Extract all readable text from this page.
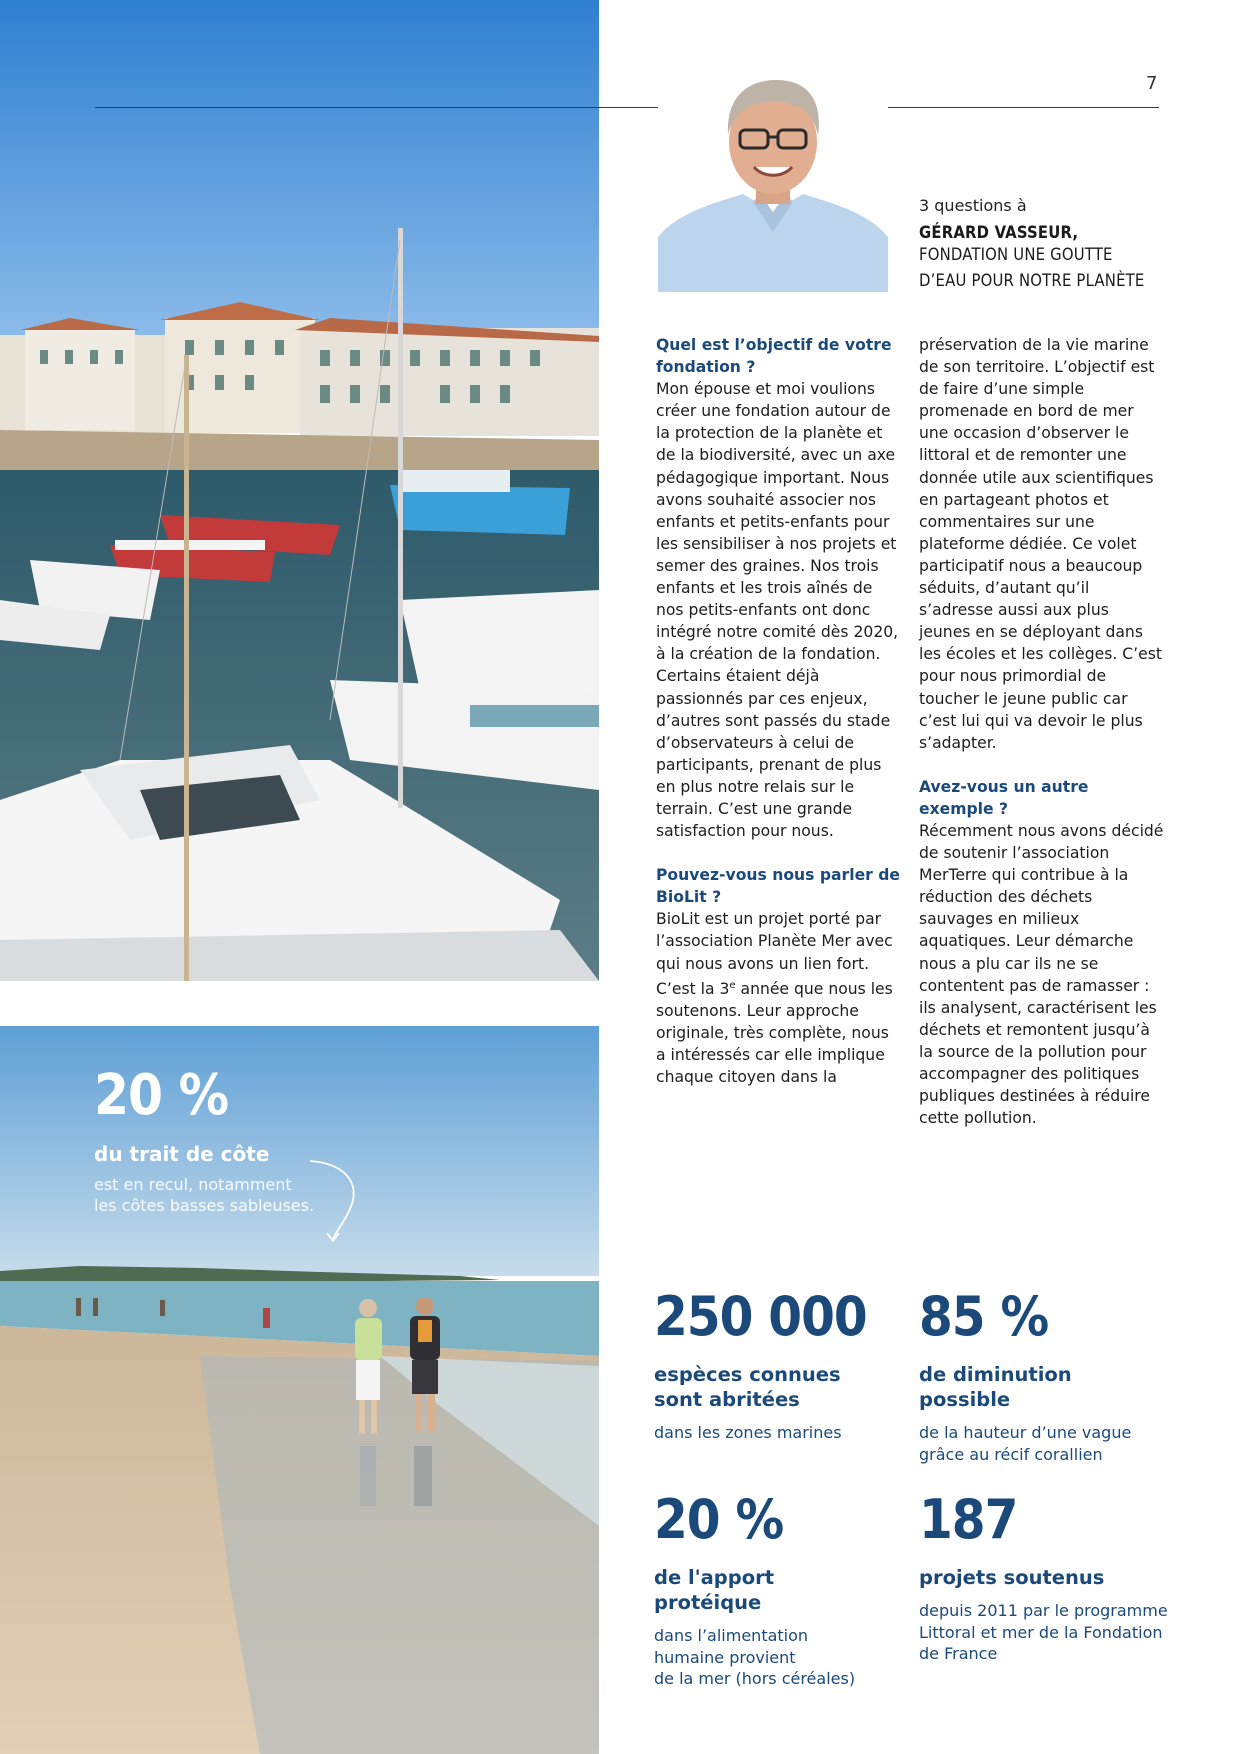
20 %
du trait de côte
est en recul, notamment
les côtes basses sableuses.
7
3 questions à
GÉRARD VASSEUR,
FONDATION UNE GOUTTE
D’EAU POUR NOTRE PLANÈTE

Quel est l’objectif de votre fondation ?

Mon épouse et moi voulions créer une fondation autour de la protection de la planète et de la biodiversité, avec un axe pédagogique important. Nous avons souhaité associer nos enfants et petits-enfants pour les sensibiliser à nos projets et semer des graines. Nos trois enfants et les trois aînés de nos petits-enfants ont donc intégré notre comité dès 2020, à la création de la fondation. Certains étaient déjà passionnés par ces enjeux, d’autres sont passés du stade d’observateurs à celui de participants, prenant de plus en plus notre relais sur le terrain. C’est une grande satisfaction pour nous.

Pouvez-vous nous parler de BioLit ?

BioLit est un projet porté par l’association Planète Mer avec qui nous avons un lien fort. C’est la 3e année que nous les soutenons. Leur approche originale, très complète, nous a intéressés car elle implique chaque citoyen dans la

préservation de la vie marine de son territoire. L’objectif est de faire d’une simple promenade en bord de mer une occasion d’observer le littoral et de remonter une donnée utile aux scientifiques en partageant photos et commentaires sur une plateforme dédiée. Ce volet participatif nous a beaucoup séduits, d’autant qu’il s’adresse aussi aux plus jeunes en se déployant dans les écoles et les collèges. C’est pour nous primordial de toucher le jeune public car c’est lui qui va devoir le plus s’adapter.

Avez-vous un autre exemple ?

Récemment nous avons décidé de soutenir l’association MerTerre qui contribue à la réduction des déchets sauvages en milieux aquatiques. Leur démarche nous a plu car ils ne se contentent pas de ramasser : ils analysent, caractérisent les déchets et remontent jusqu’à la source de la pollution pour accompagner des politiques publiques destinées à réduire cette pollution.

250 000
espèces connues
sont abritées
dans les zones marines
85 %
de diminution
possible
de la hauteur d’une vague
grâce au récif corallien
20 %
de l'apport
protéique
dans l’alimentation
humaine provient
de la mer (hors céréales)
187
projets soutenus
depuis 2011 par le programme
Littoral et mer de la Fondation
de France
